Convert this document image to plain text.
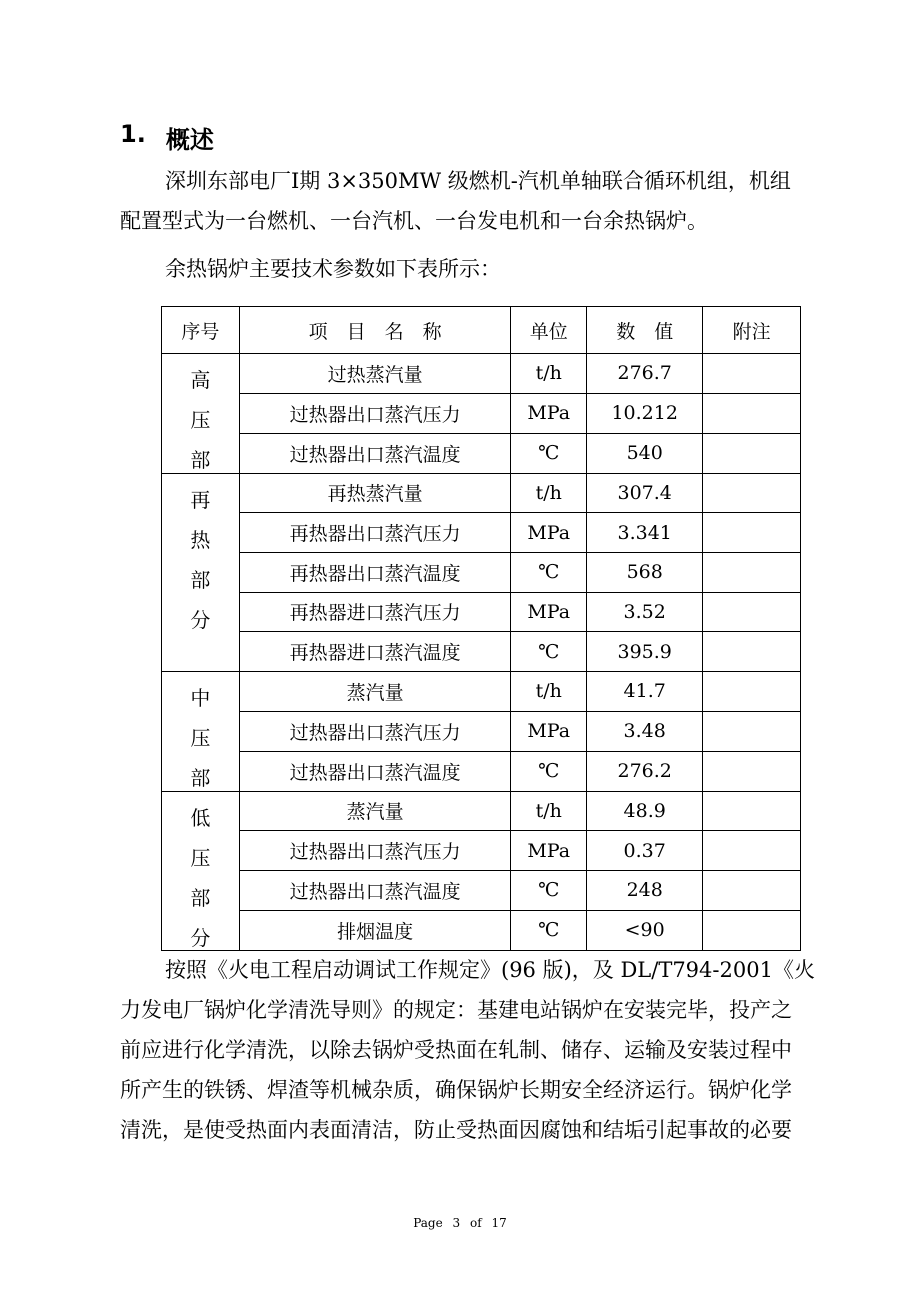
1. 概述

深圳东部电厂Ⅰ期 3×350MW 级燃机-汽机单轴联合循环机组，机组
配置型式为一台燃机、一台汽机、一台发电机和一台余热锅炉。

余热锅炉主要技术参数如下表所示：

序号	项　目　名　称	单位	数　值	附注

高
压
部	过热蒸汽量	t/h	276.7	
	过热器出口蒸汽压力	MPa	10.212	
	过热器出口蒸汽温度	℃	540	

再
热
部
分	再热蒸汽量	t/h	307.4	
	再热器出口蒸汽压力	MPa	3.341	
	再热器出口蒸汽温度	℃	568	
	再热器进口蒸汽压力	MPa	3.52	
	再热器进口蒸汽温度	℃	395.9	

中
压
部	蒸汽量	t/h	41.7	
	过热器出口蒸汽压力	MPa	3.48	
	过热器出口蒸汽温度	℃	276.2	

低
压
部
分	蒸汽量	t/h	48.9	
	过热器出口蒸汽压力	MPa	0.37	
	过热器出口蒸汽温度	℃	248	
	排烟温度	℃	<90	

按照《火电工程启动调试工作规定》(96 版)，及 DL/T794-2001《火
力发电厂锅炉化学清洗导则》的规定：基建电站锅炉在安装完毕，投产之
前应进行化学清洗，以除去锅炉受热面在轧制、储存、运输及安装过程中
所产生的铁锈、焊渣等机械杂质，确保锅炉长期安全经济运行。锅炉化学
清洗，是使受热面内表面清洁，防止受热面因腐蚀和结垢引起事故的必要

Page 3 of 17
